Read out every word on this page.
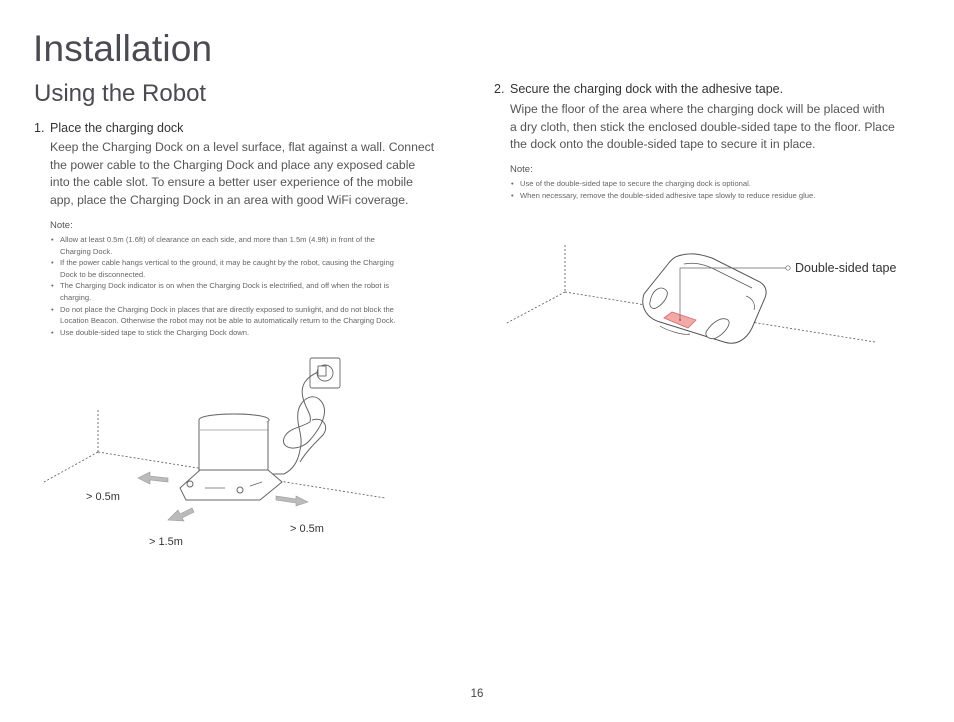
Installation
Using the Robot
1. Place the charging dock
Keep the Charging Dock on a level surface, flat against a wall. Connect
the power cable to the Charging Dock and place any exposed cable
into the cable slot. To ensure a better user experience of the mobile
app, place the Charging Dock in an area with good WiFi coverage.
Note:
• Allow at least 0.5m (1.6ft) of clearance on each side, and more than 1.5m (4.9ft) in front of the
Charging Dock.
• If the power cable hangs vertical to the ground, it may be caught by the robot, causing the Charging
Dock to be disconnected.
• The Charging Dock indicator is on when the Charging Dock is electrified, and off when the robot is
charging.
• Do not place the Charging Dock in places that are directly exposed to sunlight, and do not block the
Location Beacon. Otherwise the robot may not be able to automatically return to the Charging Dock.
• Use double-sided tape to stick the Charging Dock down.
> 0.5m
> 0.5m
> 1.5m
2. Secure the charging dock with the adhesive tape.
Wipe the floor of the area where the charging dock will be placed with
a dry cloth, then stick the enclosed double-sided tape to the floor. Place
the dock onto the double-sided tape to secure it in place.
Note:
• Use of the double-sided tape to secure the charging dock is optional.
• When necessary, remove the double-sided adhesive tape slowly to reduce residue glue.
Double-sided tape
16
